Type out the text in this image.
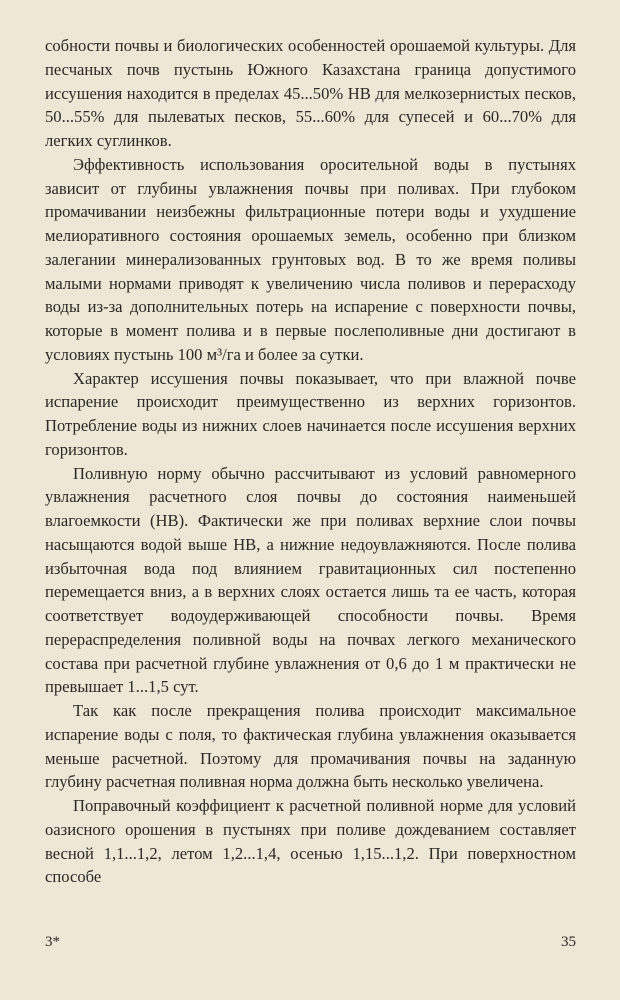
собности почвы и биологических особенностей орошаемой культуры. Для песчаных почв пустынь Южного Казахстана граница допустимого иссушения находится в пределах 45...50% НВ для мелкозернистых песков, 50...55% для пылеватых песков, 55...60% для супесей и 60...70% для легких суглинков.

Эффективность использования оросительной воды в пустынях зависит от глубины увлажнения почвы при поливах. При глубоком промачивании неизбежны фильтрационные потери воды и ухудшение мелиоративного состояния орошаемых земель, особенно при близком залегании минерализованных грунтовых вод. В то же время поливы малыми нормами приводят к увеличению числа поливов и перерасходу воды из-за дополнительных потерь на испарение с поверхности почвы, которые в момент полива и в первые послеполивные дни достигают в условиях пустынь 100 м³/га и более за сутки.

Характер иссушения почвы показывает, что при влажной почве испарение происходит преимущественно из верхних горизонтов. Потребление воды из нижних слоев начинается после иссушения верхних горизонтов.

Поливную норму обычно рассчитывают из условий равномерного увлажнения расчетного слоя почвы до состояния наименьшей влагоемкости (НВ). Фактически же при поливах верхние слои почвы насыщаются водой выше НВ, а нижние недоувлажняются. После полива избыточная вода под влиянием гравитационных сил постепенно перемещается вниз, а в верхних слоях остается лишь та ее часть, которая соответствует водоудерживающей способности почвы. Время перераспределения поливной воды на почвах легкого механического состава при расчетной глубине увлажнения от 0,6 до 1 м практически не превышает 1...1,5 сут.

Так как после прекращения полива происходит максимальное испарение воды с поля, то фактическая глубина увлажнения оказывается меньше расчетной. Поэтому для промачивания почвы на заданную глубину расчетная поливная норма должна быть несколько увеличена.

Поправочный коэффициент к расчетной поливной норме для условий оазисного орошения в пустынях при поливе дождеванием составляет весной 1,1...1,2, летом 1,2...1,4, осенью 1,15...1,2. При поверхностном способе

3*	35
